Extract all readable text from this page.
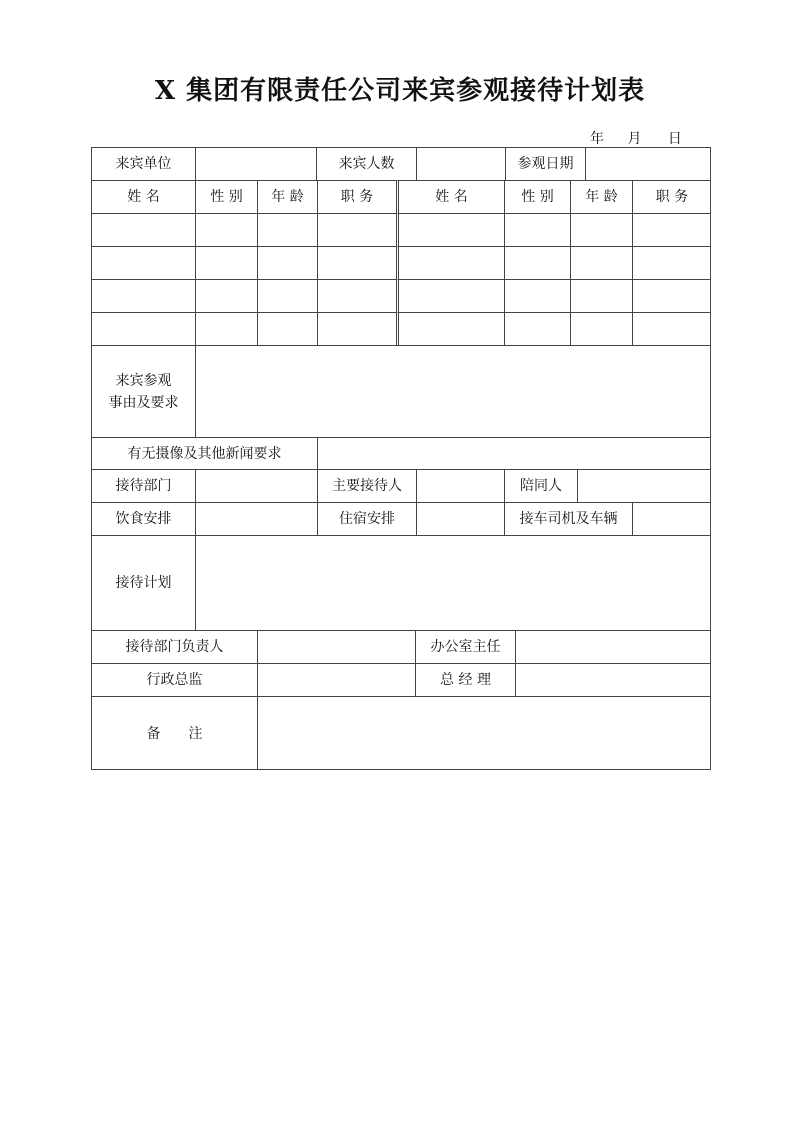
X 集团有限责任公司来宾参观接待计划表
年 月 日
来宾单位	来宾人数	参观日期
姓 名	性 别	年 龄	职 务	姓 名	性 别	年 龄	职 务
来宾参观
事由及要求
有无摄像及其他新闻要求
接待部门	主要接待人	陪同人
饮食安排	住宿安排	接车司机及车辆
接待计划
接待部门负责人	办公室主任
行政总监	总 经 理
备　　注
